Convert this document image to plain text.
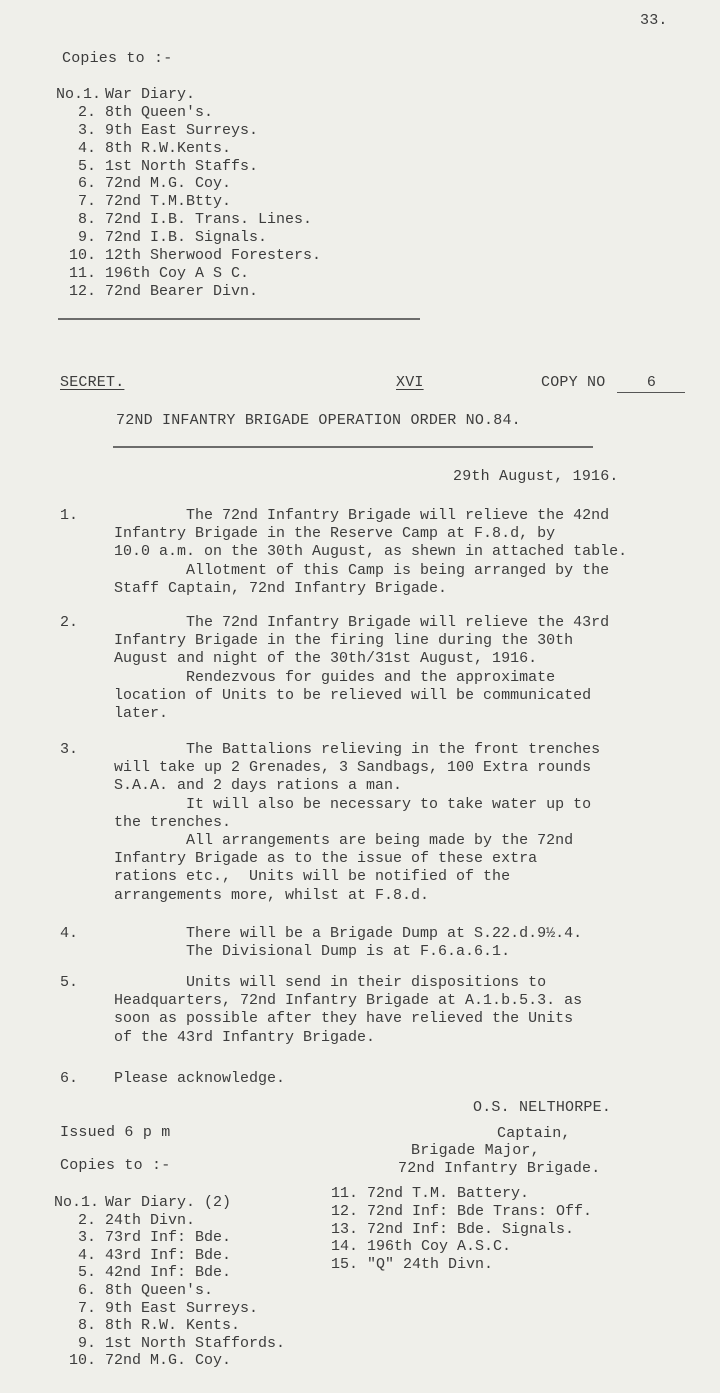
33.
Copies to :-
No.1. War Diary.
2. 8th Queen's.
3. 9th East Surreys.
4. 8th R.W.Kents.
5. 1st North Staffs.
6. 72nd M.G. Coy.
7. 72nd T.M.Btty.
8. 72nd I.B. Trans. Lines.
9. 72nd I.B. Signals.
10. 12th Sherwood Foresters.
11. 196th Coy A S C.
12. 72nd Bearer Divn.
SECRET.	XVI	COPY NO	6
72ND INFANTRY BRIGADE OPERATION ORDER NO.84.
29th August, 1916.
1. The 72nd Infantry Brigade will relieve the 42nd
Infantry Brigade in the Reserve Camp at F.8.d, by
10.0 a.m. on the 30th August, as shewn in attached table.
Allotment of this Camp is being arranged by the
Staff Captain, 72nd Infantry Brigade.
2. The 72nd Infantry Brigade will relieve the 43rd
Infantry Brigade in the firing line during the 30th
August and night of the 30th/31st August, 1916.
Rendezvous for guides and the approximate
location of Units to be relieved will be communicated
later.
3. The Battalions relieving in the front trenches
will take up 2 Grenades, 3 Sandbags, 100 Extra rounds
S.A.A. and 2 days rations a man.
It will also be necessary to take water up to
the trenches.
All arrangements are being made by the 72nd
Infantry Brigade as to the issue of these extra
rations etc.,  Units will be notified of the
arrangements more, whilst at F.8.d.
4. There will be a Brigade Dump at S.22.d.9½.4.
The Divisional Dump is at F.6.a.6.1.
5. Units will send in their dispositions to
Headquarters, 72nd Infantry Brigade at A.1.b.5.3. as
soon as possible after they have relieved the Units
of the 43rd Infantry Brigade.
6. Please acknowledge.
O.S. NELTHORPE.
Captain,
Brigade Major,
72nd Infantry Brigade.
Issued 6 p m
Copies to :-
No.1. War Diary. (2)
2. 24th Divn.
3. 73rd Inf: Bde.
4. 43rd Inf: Bde.
5. 42nd Inf: Bde.
6. 8th Queen's.
7. 9th East Surreys.
8. 8th R.W. Kents.
9. 1st North Staffords.
10. 72nd M.G. Coy.
11. 72nd T.M. Battery.
12. 72nd Inf: Bde Trans: Off.
13. 72nd Inf: Bde. Signals.
14. 196th Coy A.S.C.
15. "Q" 24th Divn.
